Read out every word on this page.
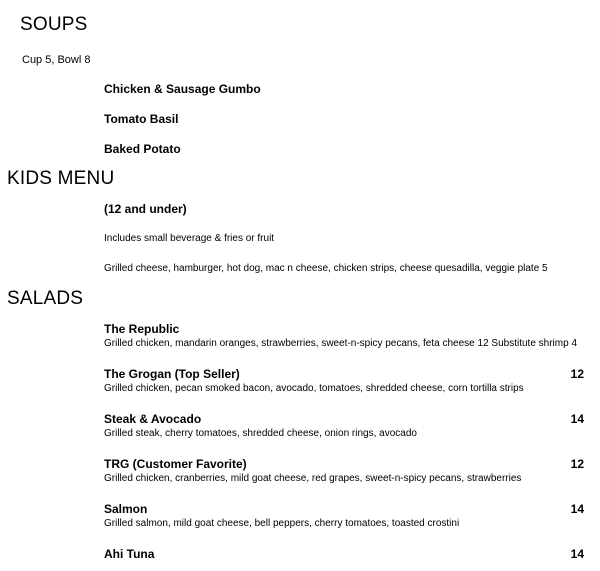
SOUPS
Cup 5, Bowl 8
Chicken & Sausage Gumbo
Tomato Basil
Baked Potato
KIDS MENU
(12 and under)
Includes small beverage & fries or fruit
Grilled cheese, hamburger, hot dog, mac n cheese, chicken strips, cheese quesadilla, veggie plate 5
SALADS
The Republic
Grilled chicken, mandarin oranges, strawberries, sweet-n-spicy pecans, feta cheese 12 Substitute shrimp 4
The Grogan (Top Seller)	12
Grilled chicken, pecan smoked bacon, avocado, tomatoes, shredded cheese, corn tortilla strips
Steak & Avocado	14
Grilled steak, cherry tomatoes, shredded cheese, onion rings, avocado
TRG (Customer Favorite)	12
Grilled chicken, cranberries, mild goat cheese, red grapes, sweet-n-spicy pecans, strawberries
Salmon	14
Grilled salmon, mild goat cheese, bell peppers, cherry tomatoes, toasted crostini
Ahi Tuna	14
